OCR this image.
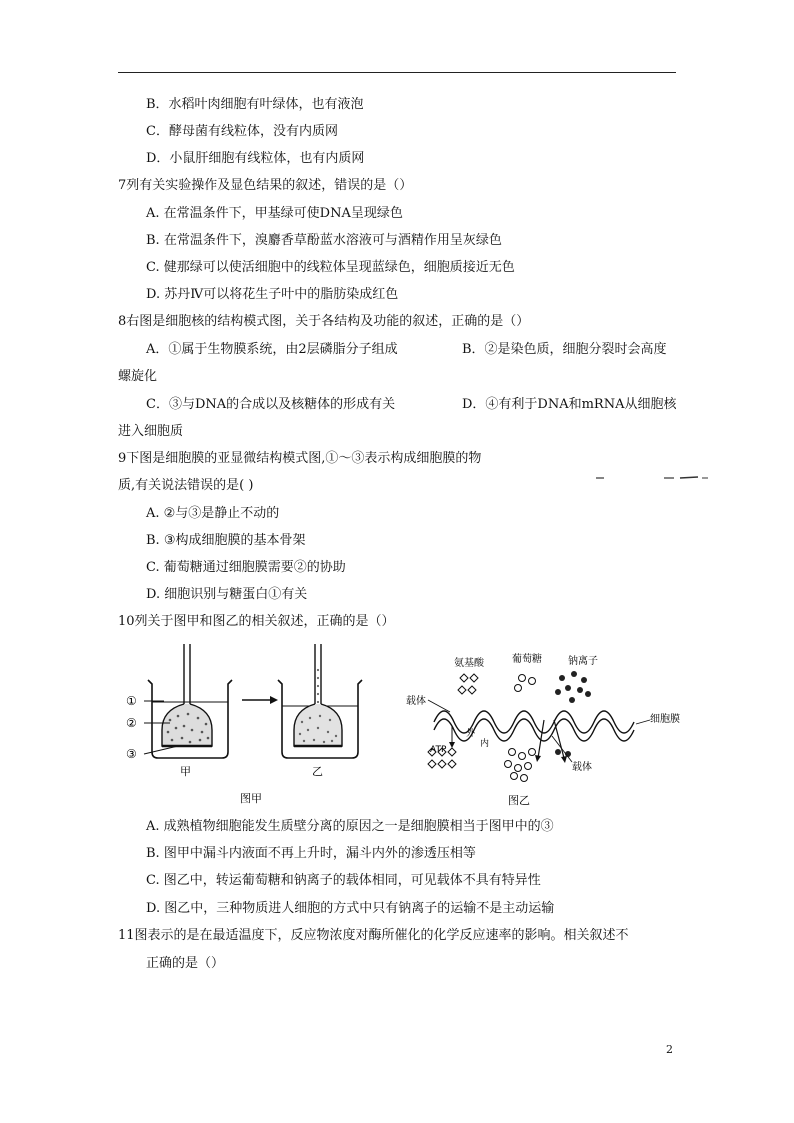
B．水稻叶肉细胞有叶绿体，也有液泡
C．酵母菌有线粒体，没有内质网
D．小鼠肝细胞有线粒体，也有内质网
7列有关实验操作及显色结果的叙述，错误的是（）
A. 在常温条件下，甲基绿可使DNA呈现绿色
B. 在常温条件下，溴麝香草酚蓝水溶液可与酒精作用呈灰绿色
C. 健那绿可以使活细胞中的线粒体呈现蓝绿色，细胞质接近无色
D. 苏丹Ⅳ可以将花生子叶中的脂肪染成红色
8右图是细胞核的结构模式图，关于各结构及功能的叙述，正确的是（）
A．①属于生物膜系统，由2层磷脂分子组成	B．②是染色质，细胞分裂时会高度
螺旋化
C．③与DNA的合成以及核糖体的形成有关	D．④有利于DNA和mRNA从细胞核
进入细胞质
9下图是细胞膜的亚显微结构模式图,①～③表示构成细胞膜的物
质,有关说法错误的是( )
A. ②与③是静止不动的
B. ③构成细胞膜的基本骨架
C. 葡萄糖通过细胞膜需要②的协助
D. 细胞识别与糖蛋白①有关
10列关于图甲和图乙的相关叙述，正确的是（）
①
②
③
甲	乙
图甲
氨基酸	葡萄糖	钠离子
载体
外
ATP
内
载体
细胞膜
图乙
A. 成熟植物细胞能发生质壁分离的原因之一是细胞膜相当于图甲中的③
B. 图甲中漏斗内液面不再上升时，漏斗内外的渗透压相等
C. 图乙中，转运葡萄糖和钠离子的载体相同，可见载体不具有特异性
D. 图乙中，三种物质进人细胞的方式中只有钠离子的运输不是主动运输
11图表示的是在最适温度下，反应物浓度对酶所催化的化学反应速率的影响。相关叙述不
正确的是（）
2
